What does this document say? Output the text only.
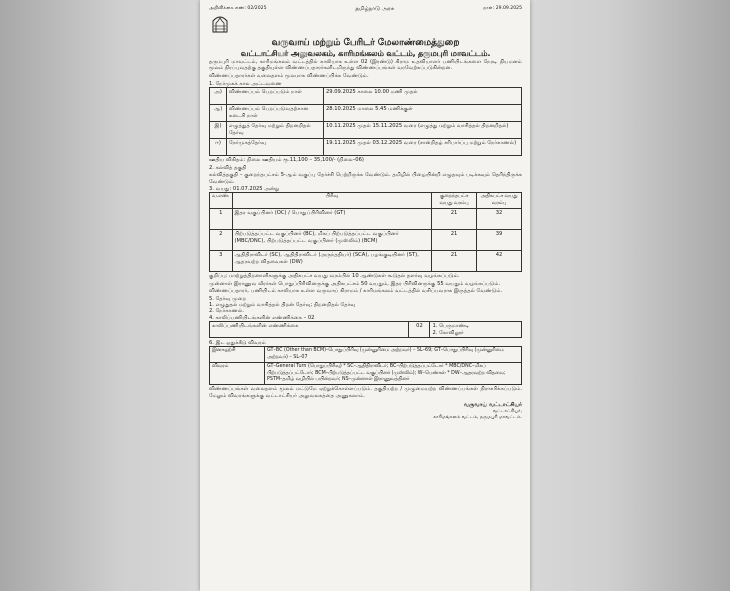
அறிவிக்கை எண்: 02/2025	தமிழ்நாடு அரசு	நாள்: 29.09.2025
வருவாய் மற்றும் பேரிடர் மேலாண்மைத்துறை
வட்டாட்சியர் அலுவலகம், காரிமங்கலம் வட்டம், தருமபுரி மாவட்டம்.
தருமபுரி மாவட்டம், காரிமங்கலம் வட்டத்தில் காலியாக உள்ள 02 (இரண்டு) கிராம உதவியாளர் பணியிடங்களை நேரடி நியமனம் மூலம் நிரப்புவதற்கு தகுதியுள்ள விண்ணப்பதாரர்களிடமிருந்து விண்ணப்பங்கள் வரவேற்கப்படுகின்றன.
விண்ணப்பதாரர்கள் வலைதளம் மூலமாக விண்ணப்பிக்க வேண்டும்.
1. நேர்முகக் கால அட்டவணை
அ)	விண்ணப்பம் பெறப்படும் நாள்	29.09.2025 காலை 10.00 மணி முதல்
ஆ)	விண்ணப்பம் பெறப்படுவதற்கான கடைசி நாள்	28.10.2025 மாலை 5.45 மணிக்குள்
இ)	எழுத்துத் தேர்வு மற்றும் திறனறிதல் தேர்வு	10.11.2025 முதல் 15.11.2025 வரை (எழுத்து மற்றும் வாசித்தல் திறனறிதல்)
ஈ)	நேர்முகத்தேர்வு	19.11.2025 முதல் 03.12.2025 வரை (சான்றிதழ் சரிபார்ப்பு மற்றும் நேர்காணல்)
ஊதிய விகிதம்: நிலை ஊதியம் ரூ.11,100 – 35,100/- (நிலை–06)
2. கல்வித் தகுதி
கல்வித்தகுதி – குறைந்தபட்சம் 5-ஆம் வகுப்பு தேர்ச்சி பெற்றிருக்க வேண்டும். தமிழில் பிழையின்றி எழுதவும் படிக்கவும் தெரிந்திருக்க வேண்டும்.
3. வயது: 01.07.2025 அன்று
வ.எண்.	பிரிவு	குறைந்தபட்ச வயது வரம்பு	அதிகபட்ச வயது வரம்பு
1	இதர வகுப்பினர் (OC) / பொதுப்பிரிவினர் (GT)	21	32
2	பிற்படுத்தப்பட்ட வகுப்பினர் (BC), மிகப் பிற்படுத்தப்பட்ட வகுப்பினர் (MBC/DNC), பிற்படுத்தப்பட்ட வகுப்பினர் (முஸ்லிம்) (BCM)	21	39
3	ஆதிதிராவிடர் (SC), ஆதிதிராவிடர் (அருந்ததியர்) (SCA), பழங்குடியினர் (ST), ஆதரவற்ற விதவைகள் (DW)	21	42
குறிப்பு: மாற்றுத்திறனாளிகளுக்கு அதிகபட்ச வயது வரம்பில் 10 ஆண்டுகள் கூடுதல் தளர்வு வழங்கப்படும்.
முன்னாள் இராணுவ வீரர்கள் பொதுப்பிரிவினருக்கு அதிகபட்சம் 50 வயதும், இதர பிரிவினருக்கு 55 வயதும் வழங்கப்படும்.
விண்ணப்பதாரர், பணியிடம் காலியாக உள்ள வருவாய் கிராமம் / காரிமங்கலம் வட்டத்தில் வசிப்பவராக இருத்தல் வேண்டும்.
5. தேர்வு முறை
1. எழுதுதல் மற்றும் வாசித்தல் திறன் தேர்வு; திறனறிதல் தேர்வு
2. நேர்காணல்.
4. காலிப்பணியிடங்களின் எண்ணிக்கை – 02
காலிப்பணியிடங்களின் எண்ணிக்கை	02	1. பெருமாண்டி
2. கோவிலூர்
6. இட ஒதுக்கீடு விவரம்
இனசுழற்சி	GT–BC (Other than BCM)–பொதுப்பிரிவு (முன்னுரிமை அற்றவர்) – SL–69; GT–பொதுப்பிரிவு (முன்னுரிமை அற்றவர்) – SL–07
விவரம்	GT–General Turn (பொதுப்பிரிவு) * SC–ஆதிதிராவிடர்; BC–பிற்படுத்தப்பட்டோர் * MBC/DNC–மிகப் பிற்படுத்தப்பட்டோர்; BCM–பிற்படுத்தப்பட்ட வகுப்பினர் (முஸ்லிம்); W–பெண்கள் * DW–ஆதரவற்ற விதவை; PSTM–தமிழ் வழியில் பயின்றவர்; NS–முன்னாள் இராணுவத்தினர்
விண்ணப்பங்கள் வலைதளம் மூலம் மட்டுமே ஏற்றுக்கொள்ளப்படும். தகுதியற்ற / முழுமையற்ற விண்ணப்பங்கள் நிராகரிக்கப்படும். மேலும் விவரங்களுக்கு வட்டாட்சியர் அலுவலகத்தை அணுகலாம்.
வருவாய் வட்டாட்சியர்
வட்டாட்சியர்,
காரிமங்கலம் வட்டம், தருமபுரி மாவட்டம்.
